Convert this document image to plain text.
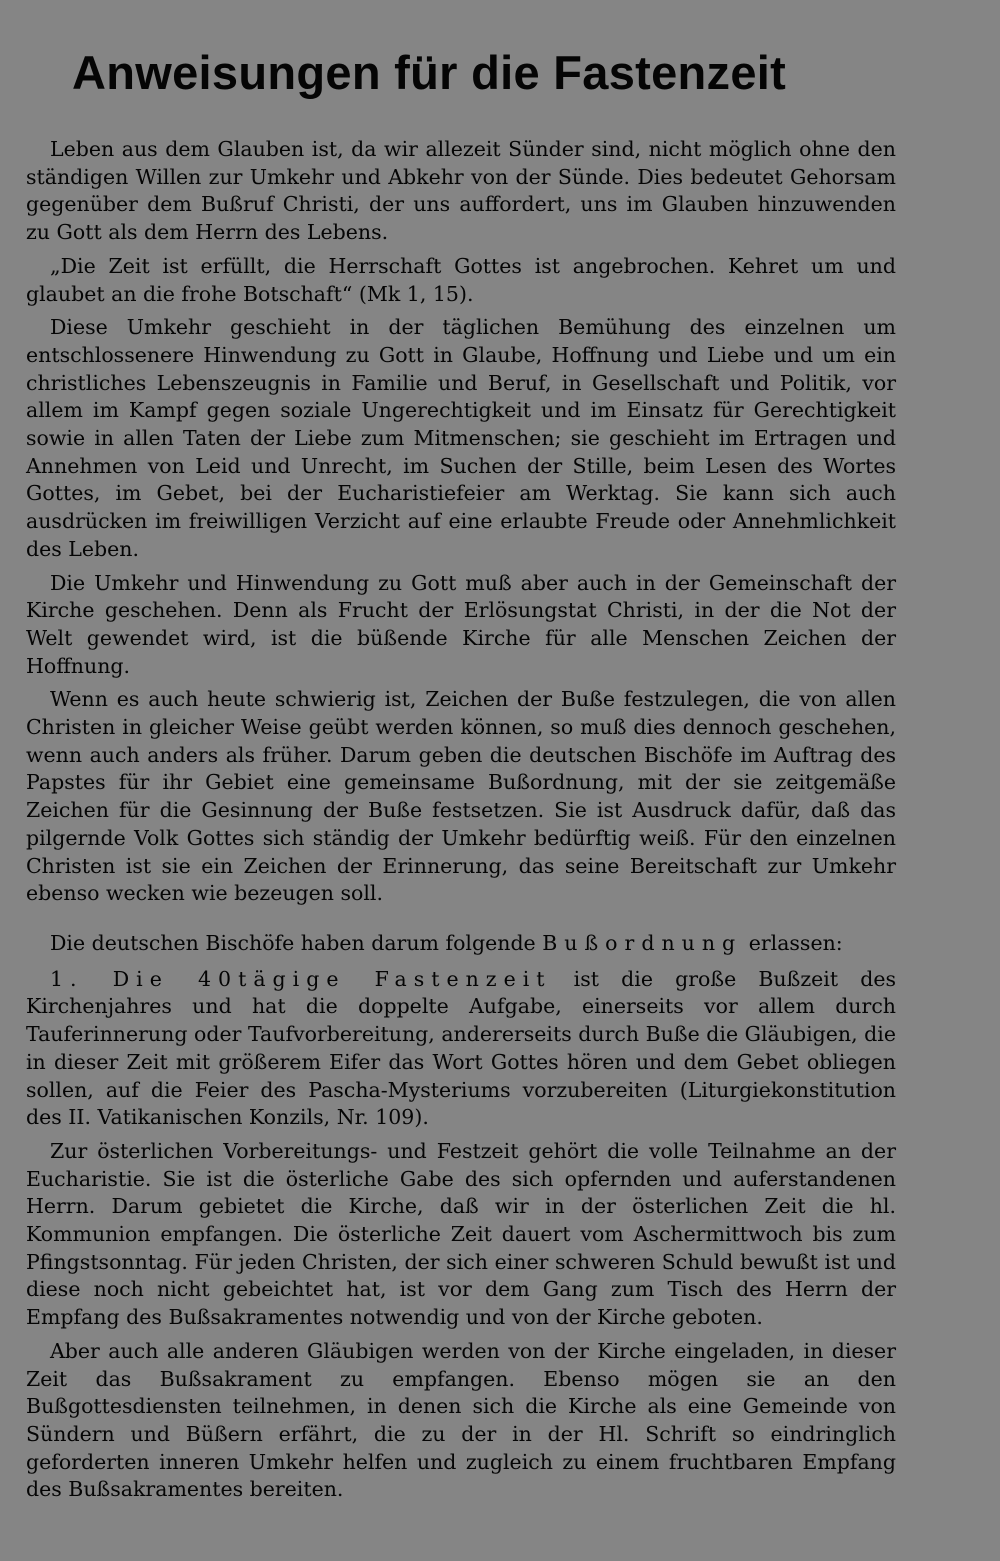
Anweisungen für die Fastenzeit

Leben aus dem Glauben ist, da wir allezeit Sünder sind, nicht möglich ohne den ständigen Willen zur Umkehr und Abkehr von der Sünde. Dies bedeutet Gehorsam gegenüber dem Bußruf Christi, der uns auffordert, uns im Glauben hinzuwenden zu Gott als dem Herrn des Lebens.

„Die Zeit ist erfüllt, die Herrschaft Gottes ist angebrochen. Kehret um und glaubet an die frohe Botschaft“ (Mk 1, 15).

Diese Umkehr geschieht in der täglichen Bemühung des einzelnen um entschlossenere Hinwendung zu Gott in Glaube, Hoffnung und Liebe und um ein christliches Lebenszeugnis in Familie und Beruf, in Gesellschaft und Politik, vor allem im Kampf gegen soziale Ungerechtigkeit und im Einsatz für Gerechtigkeit sowie in allen Taten der Liebe zum Mitmenschen; sie geschieht im Ertragen und Annehmen von Leid und Unrecht, im Suchen der Stille, beim Lesen des Wortes Gottes, im Gebet, bei der Eucharistiefeier am Werktag. Sie kann sich auch ausdrücken im freiwilligen Verzicht auf eine erlaubte Freude oder Annehmlichkeit des Leben.

Die Umkehr und Hinwendung zu Gott muß aber auch in der Gemeinschaft der Kirche geschehen. Denn als Frucht der Erlösungstat Christi, in der die Not der Welt gewendet wird, ist die büßende Kirche für alle Menschen Zeichen der Hoffnung.

Wenn es auch heute schwierig ist, Zeichen der Buße festzulegen, die von allen Christen in gleicher Weise geübt werden können, so muß dies dennoch geschehen, wenn auch anders als früher. Darum geben die deutschen Bischöfe im Auftrag des Papstes für ihr Gebiet eine gemeinsame Bußordnung, mit der sie zeitgemäße Zeichen für die Gesinnung der Buße festsetzen. Sie ist Ausdruck dafür, daß das pilgernde Volk Gottes sich ständig der Umkehr bedürftig weiß. Für den einzelnen Christen ist sie ein Zeichen der Erinnerung, das seine Bereitschaft zur Umkehr ebenso wecken wie bezeugen soll.

Die deutschen Bischöfe haben darum folgende Bußordnung erlassen:

1. Die 40tägige Fastenzeit ist die große Bußzeit des Kirchenjahres und hat die doppelte Aufgabe, einerseits vor allem durch Tauferinnerung oder Taufvorbereitung, andererseits durch Buße die Gläubigen, die in dieser Zeit mit größerem Eifer das Wort Gottes hören und dem Gebet obliegen sollen, auf die Feier des Pascha-Mysteriums vorzubereiten (Liturgiekonstitution des II. Vatikanischen Konzils, Nr. 109).

Zur österlichen Vorbereitungs- und Festzeit gehört die volle Teilnahme an der Eucharistie. Sie ist die österliche Gabe des sich opfernden und auferstandenen Herrn. Darum gebietet die Kirche, daß wir in der österlichen Zeit die hl. Kommunion empfangen. Die österliche Zeit dauert vom Aschermittwoch bis zum Pfingstsonntag. Für jeden Christen, der sich einer schweren Schuld bewußt ist und diese noch nicht gebeichtet hat, ist vor dem Gang zum Tisch des Herrn der Empfang des Bußsakramentes notwendig und von der Kirche geboten.

Aber auch alle anderen Gläubigen werden von der Kirche eingeladen, in dieser Zeit das Bußsakrament zu empfangen. Ebenso mögen sie an den Bußgottesdiensten teilnehmen, in denen sich die Kirche als eine Gemeinde von Sündern und Büßern erfährt, die zu der in der Hl. Schrift so eindringlich geforderten inneren Umkehr helfen und zugleich zu einem fruchtbaren Empfang des Bußsakramentes bereiten.
